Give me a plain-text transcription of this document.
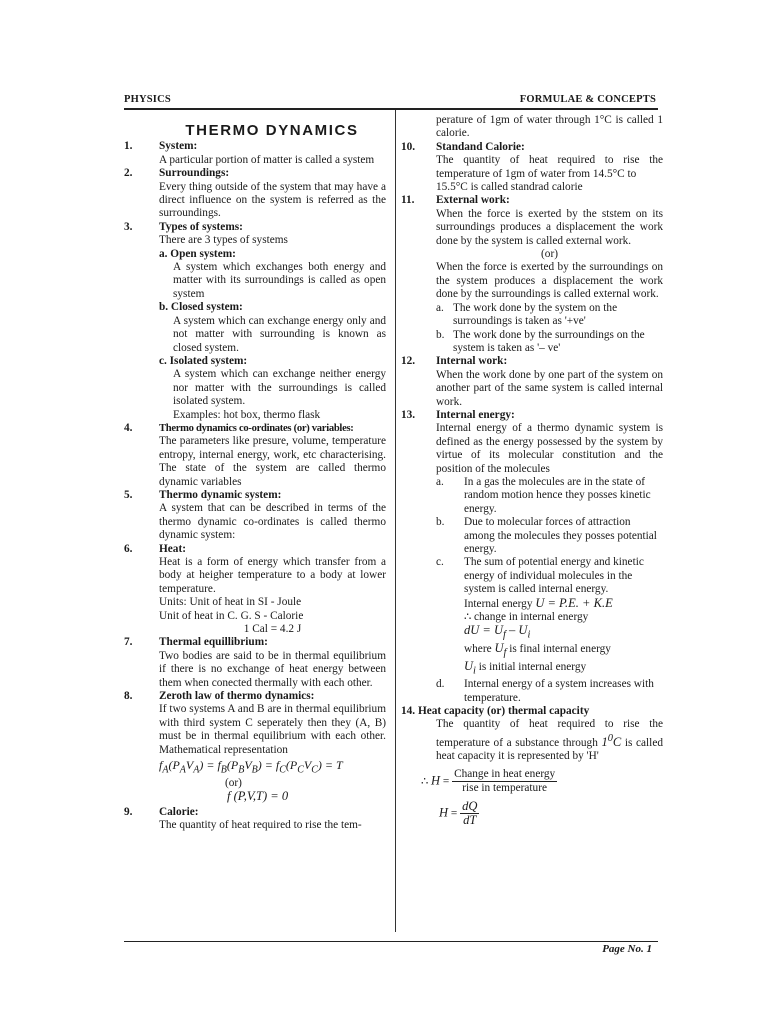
PHYSICS	FORMULAE & CONCEPTS
THERMO DYNAMICS
1. System:
A particular portion of matter is called a system
2. Surroundings:
Every thing outside of the system that may have a direct influence on the system is referred as the surroundings.
3. Types of systems:
There are 3 types of systems
a. Open system:
A system which exchanges both energy and matter with its surroundings is called as open system
b. Closed system:
A system which can exchange energy only and not matter with surrounding is known as closed system.
c. Isolated system:
A system which can exchange neither energy nor matter with the surroundings is called isolated system.
Examples: hot box, thermo flask
4.	Thermo dynamics co-ordinates (or) variables:
The parameters like presure, volume, temperature entropy, internal energy, work, etc characterising. The state of the system are called thermo dynamic variables
5. Thermo dynamic system:
A system that can be described in terms of the thermo dynamic co-ordinates is called thermo dynamic system:
6. Heat:
Heat is a form of energy which transfer from a body at heigher temperature to a body at lower temperature.
Units: Unit of heat in SI - Joule
Unit of heat in C. G. S - Calorie
1 Cal = 4.2 J
7. Thermal equillibrium:
Two bodies are said to be in thermal equilibrium if there is no exchange of heat energy between them when conected thermally with each other.
8. Zeroth law of thermo dynamics:
If two systems A and B are in thermal equilibrium with third system C seperately then they (A, B) must be in thermal equilibrium with each other. Mathematical representation
$f_A(P_AV_A) = f_B(P_BV_B) = f_C(P_CV_C) = T$
(or)
f (P,V,T) = 0
9. Calorie:
The quantity of heat required to rise the tem-
perature of 1gm of water through 1°C is called 1 calorie.
10. Standand Calorie:
The quantity of heat required to rise the temperature of 1gm of water from 14.5°C to
15.5°C is called standrad calorie
11. External work:
When the force is exerted by the ststem on its surroundings produces a displacement the work done by the system is called external work.
(or)
When the force is exerted by the surroundings on the system produces a displacement the work done by the surroundings is called external work.
a. The work done by the system on the surroundings is taken as '+ve'
b. The work done by the surroundings on the system is taken as '– ve'
12. Internal work:
When the work done by one part of the system on another part of the same system is called internal work.
13. Internal energy:
Internal energy of a thermo dynamic system is defined as the energy possessed by the system by virtue of its molecular constitution and the position of the molecules
a. In a gas the molecules are in the state of random motion hence they posses kinetic energy.
b. Due to molecular forces of attraction among the molecules they posses potential energy.
c. The sum of potential energy and kinetic energy of individual molecules in the system is called internal energy.
Internal energy U = P.E. + K.E
∴ change in internal energy
dU = $U_f - U_i$
where $U_f$ is final internal energy
$U_i$ is initial internal energy
d. Internal energy of a system increases with temperature.
14. Heat capacity (or) thermal capacity
The quantity of heat required to rise the temperature of a substance through $1^0C$ is called heat capacity it is represented by 'H'
∴ $H = \frac{\text{Change in heat energy}}{\text{rise in temperature}}$
$H = \frac{dQ}{dT}$
Page No. 1
